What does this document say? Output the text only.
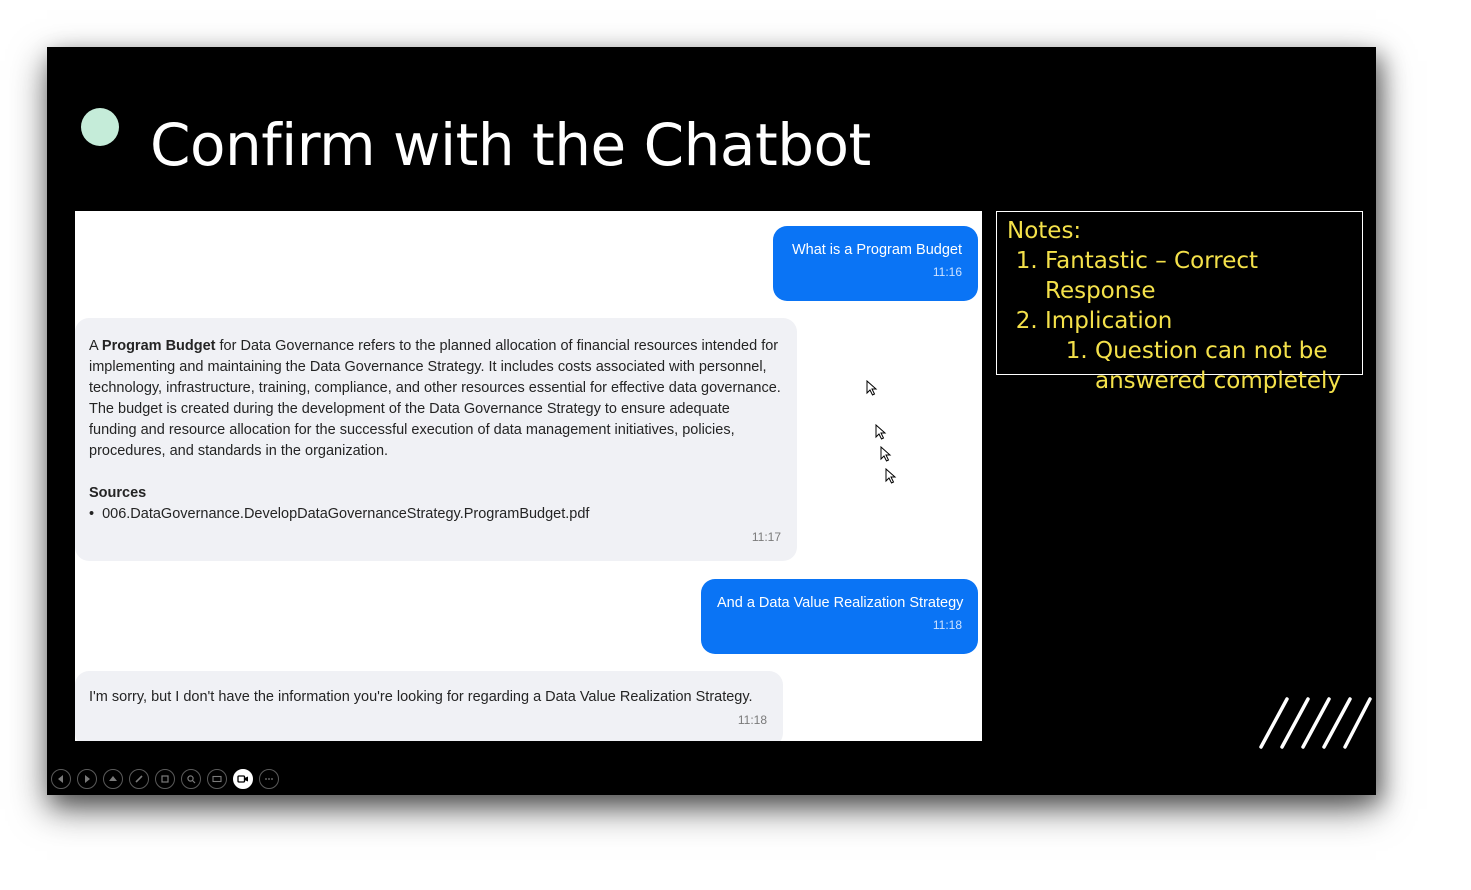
Confirm with the Chatbot
What is a Program Budget
11:16
A Program Budget for Data Governance refers to the planned allocation of financial resources intended for implementing and maintaining the Data Governance Strategy. It includes costs associated with personnel, technology, infrastructure, training, compliance, and other resources essential for effective data governance. The budget is created during the development of the Data Governance Strategy to ensure adequate funding and resource allocation for the successful execution of data management initiatives, policies, procedures, and standards in the organization.
Sources
• 006.DataGovernance.DevelopDataGovernanceStrategy.ProgramBudget.pdf
11:17
And a Data Value Realization Strategy
11:18
I'm sorry, but I don't have the information you're looking for regarding a Data Value Realization Strategy.
11:18
Notes:
1. Fantastic – Correct Response
2. Implication
1. Question can not be answered completely
